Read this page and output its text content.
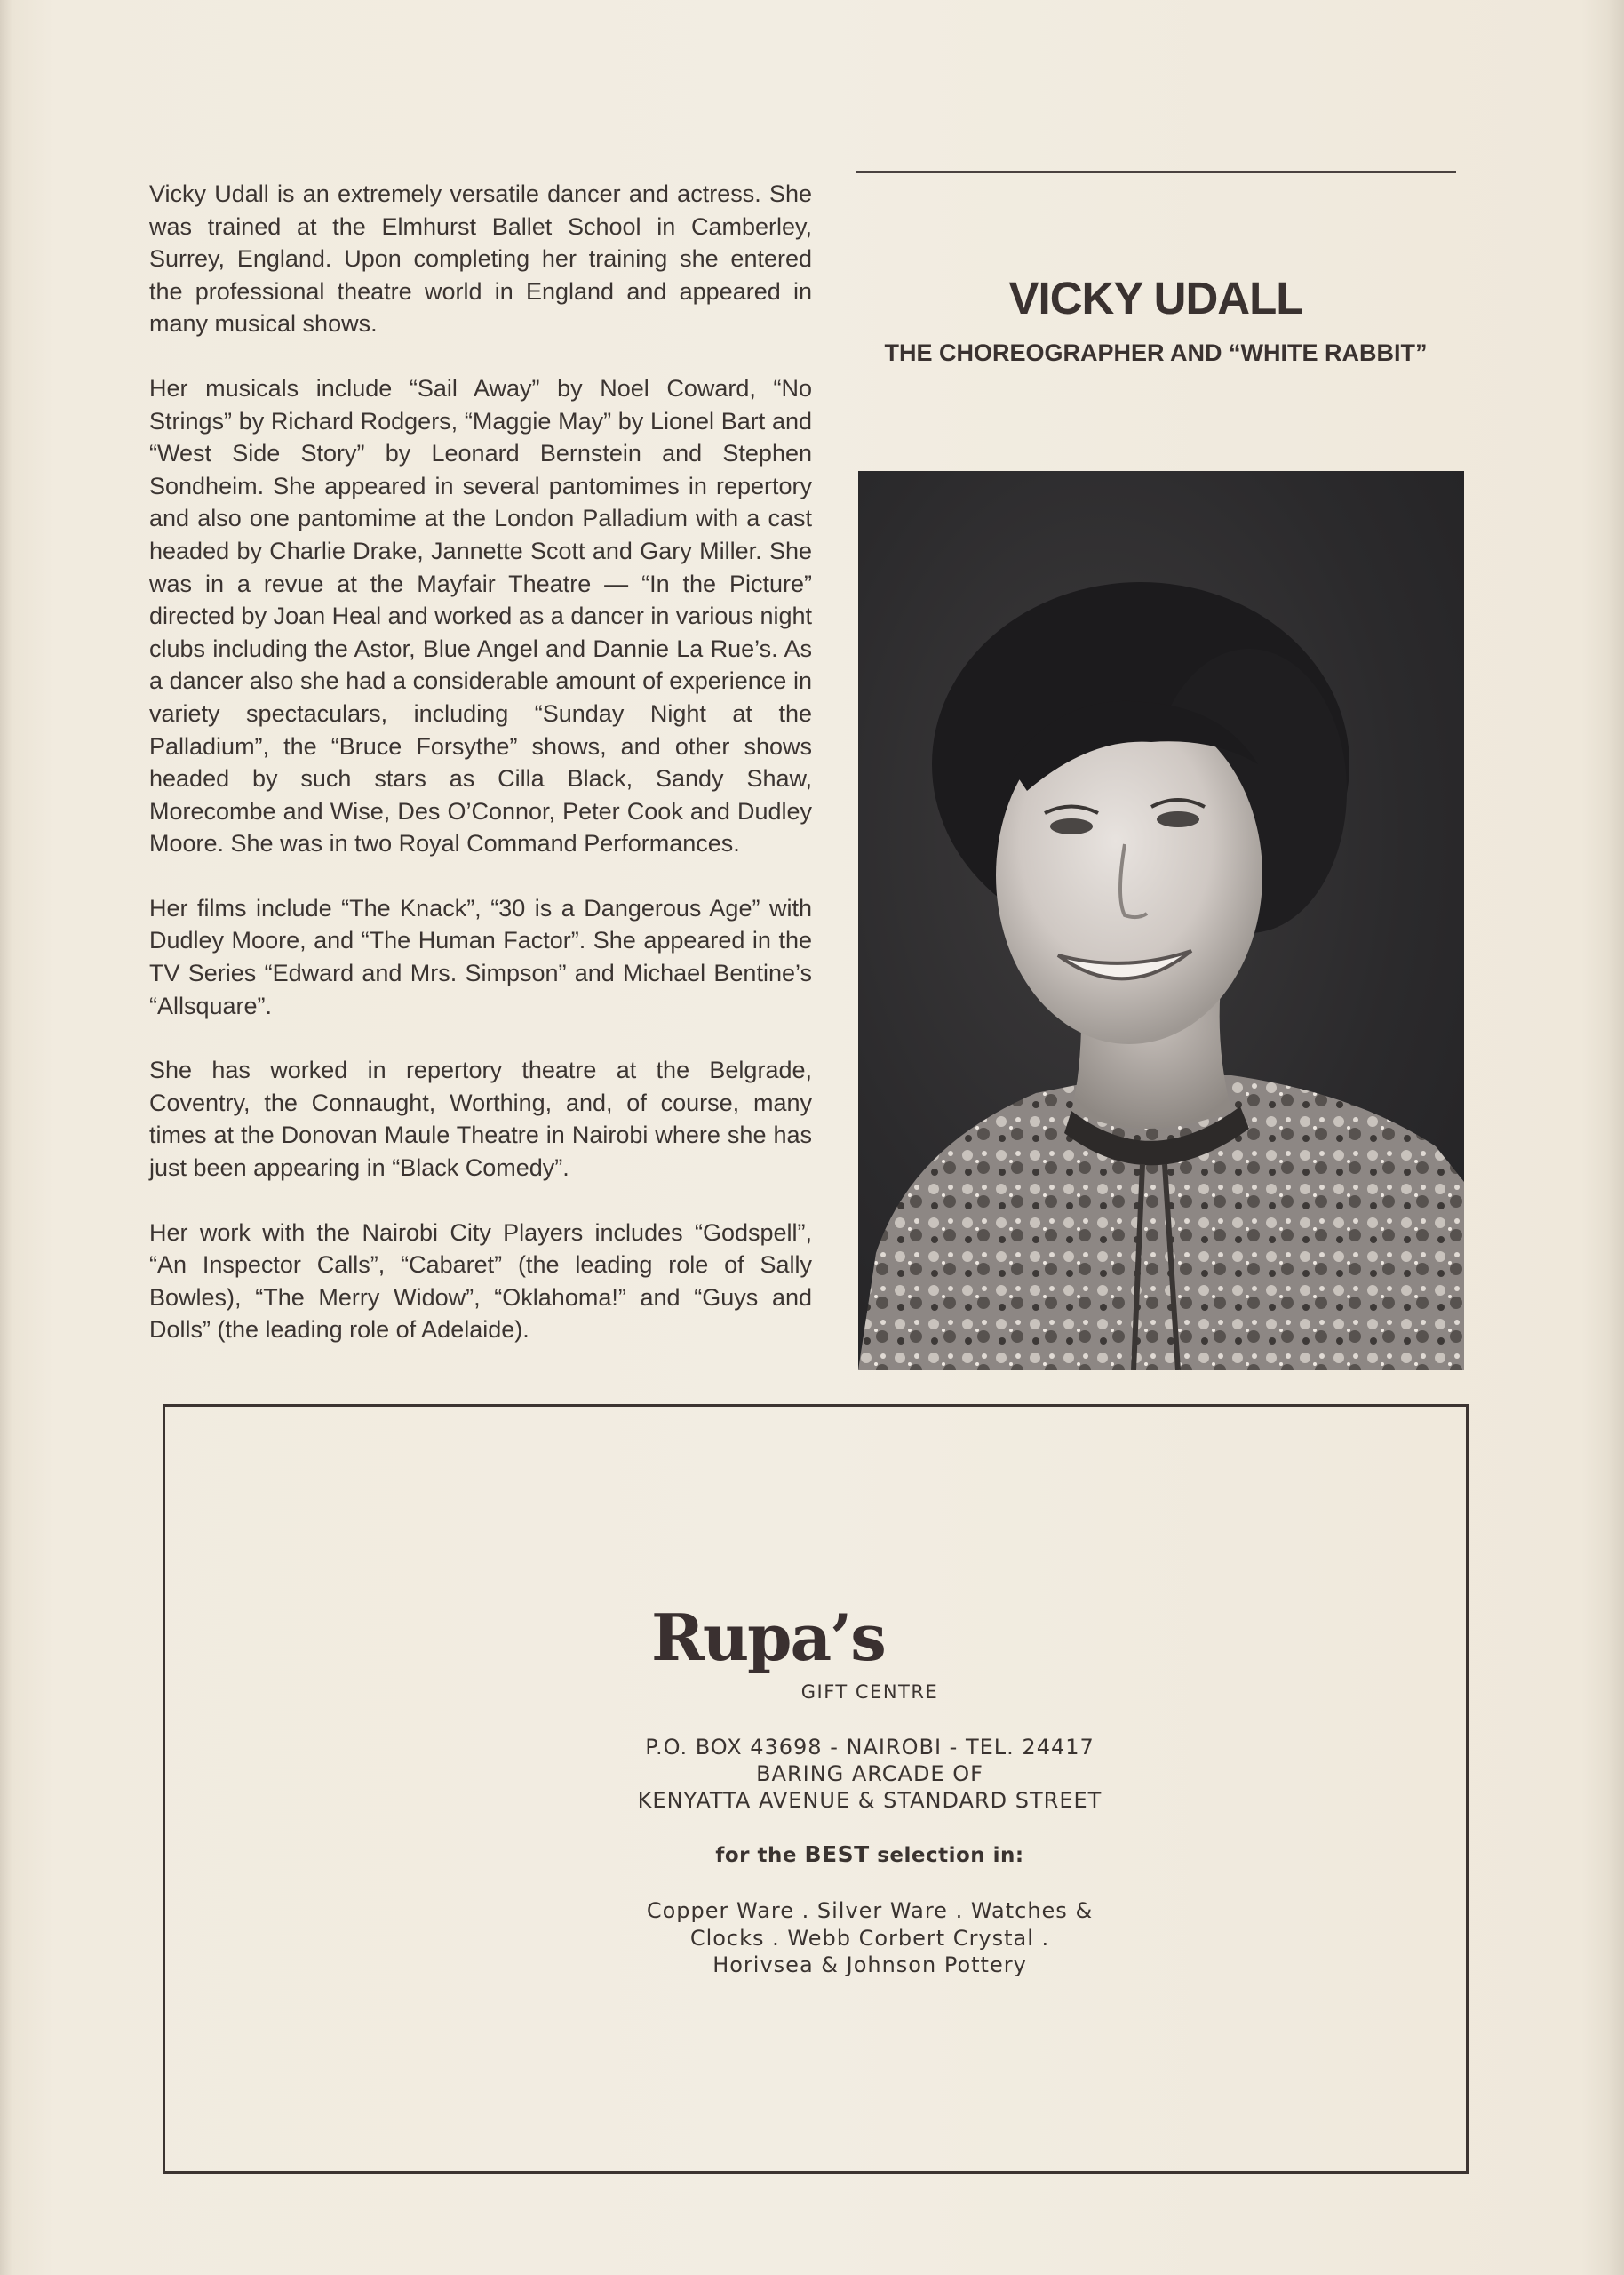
Vicky Udall is an extremely versatile dancer and actress. She was trained at the Elmhurst Ballet School in Camberley, Surrey, England. Upon completing her training she entered the professional theatre world in England and appeared in many musical shows.

Her musicals include “Sail Away” by Noel Coward, “No Strings” by Richard Rodgers, “Maggie May” by Lionel Bart and “West Side Story” by Leonard Bernstein and Stephen Sondheim. She appeared in several pantomimes in repertory and also one pantomime at the London Palladium with a cast headed by Charlie Drake, Jannette Scott and Gary Miller. She was in a revue at the Mayfair Theatre — “In the Picture” directed by Joan Heal and worked as a dancer in various night clubs including the Astor, Blue Angel and Dannie La Rue’s. As a dancer also she had a considerable amount of experience in variety spectaculars, including “Sunday Night at the Palladium”, the “Bruce Forsythe” shows, and other shows headed by such stars as Cilla Black, Sandy Shaw, Morecombe and Wise, Des O’Connor, Peter Cook and Dudley Moore. She was in two Royal Command Performances.

Her films include “The Knack”, “30 is a Dangerous Age” with Dudley Moore, and “The Human Factor”. She appeared in the TV Series “Edward and Mrs. Simpson” and Michael Bentine’s “Allsquare”.

She has worked in repertory theatre at the Belgrade, Coventry, the Connaught, Worthing, and, of course, many times at the Donovan Maule Theatre in Nairobi where she has just been appearing in “Black Comedy”.

Her work with the Nairobi City Players includes “Godspell”, “An Inspector Calls”, “Cabaret” (the leading role of Sally Bowles), “The Merry Widow”, “Oklahoma!” and “Guys and Dolls” (the leading role of Adelaide).

VICKY UDALL
THE CHOREOGRAPHER AND “WHITE RABBIT”
Rupa’s
GIFT CENTRE
P.O. BOX 43698 - NAIROBI - TEL. 24417
BARING ARCADE OF
KENYATTA AVENUE & STANDARD STREET
for the BEST selection in:
Copper Ware . Silver Ware . Watches &
Clocks . Webb Corbert Crystal .
Horivsea & Johnson Pottery
